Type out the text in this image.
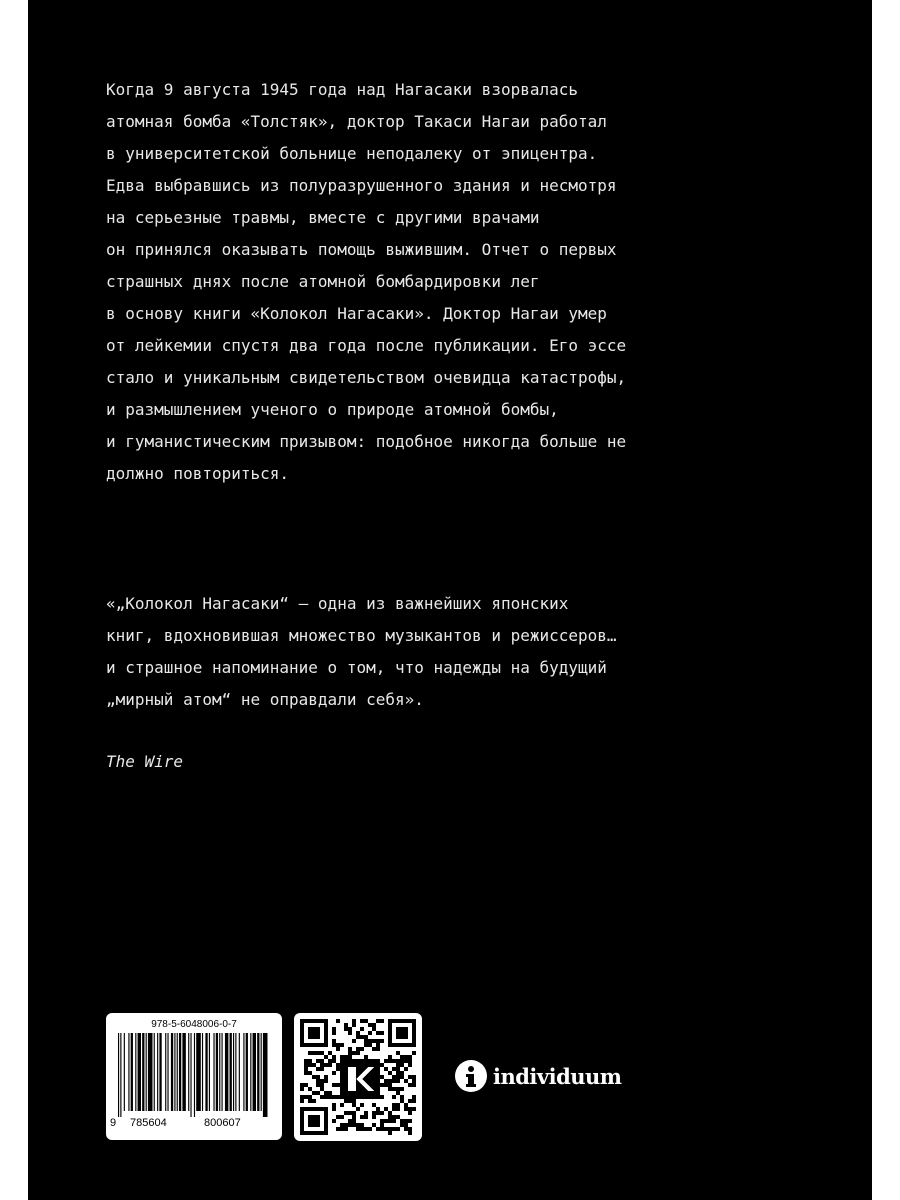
Когда 9 августа 1945 года над Нагасаки взорвалась
атомная бомба «Толстяк», доктор Такаси Нагаи работал
в университетской больнице неподалеку от эпицентра.
Едва выбравшись из полуразрушенного здания и несмотря
на серьезные травмы, вместе с другими врачами
он принялся оказывать помощь выжившим. Отчет о первых
страшных днях после атомной бомбардировки лег
в основу книги «Колокол Нагасаки». Доктор Нагаи умер
от лейкемии спустя два года после публикации. Его эссе
стало и уникальным свидетельством очевидца катастрофы,
и размышлением ученого о природе атомной бомбы,
и гуманистическим призывом: подобное никогда больше не
должно повториться.
«„Колокол Нагасаки“ — одна из важнейших японских
книг, вдохновившая множество музыкантов и режиссеров…
и страшное напоминание о том, что надежды на будущий
„мирный атом“ не оправдали себя».
The Wire
978-5-6048006-0-7
9 785604	800607
individuum
